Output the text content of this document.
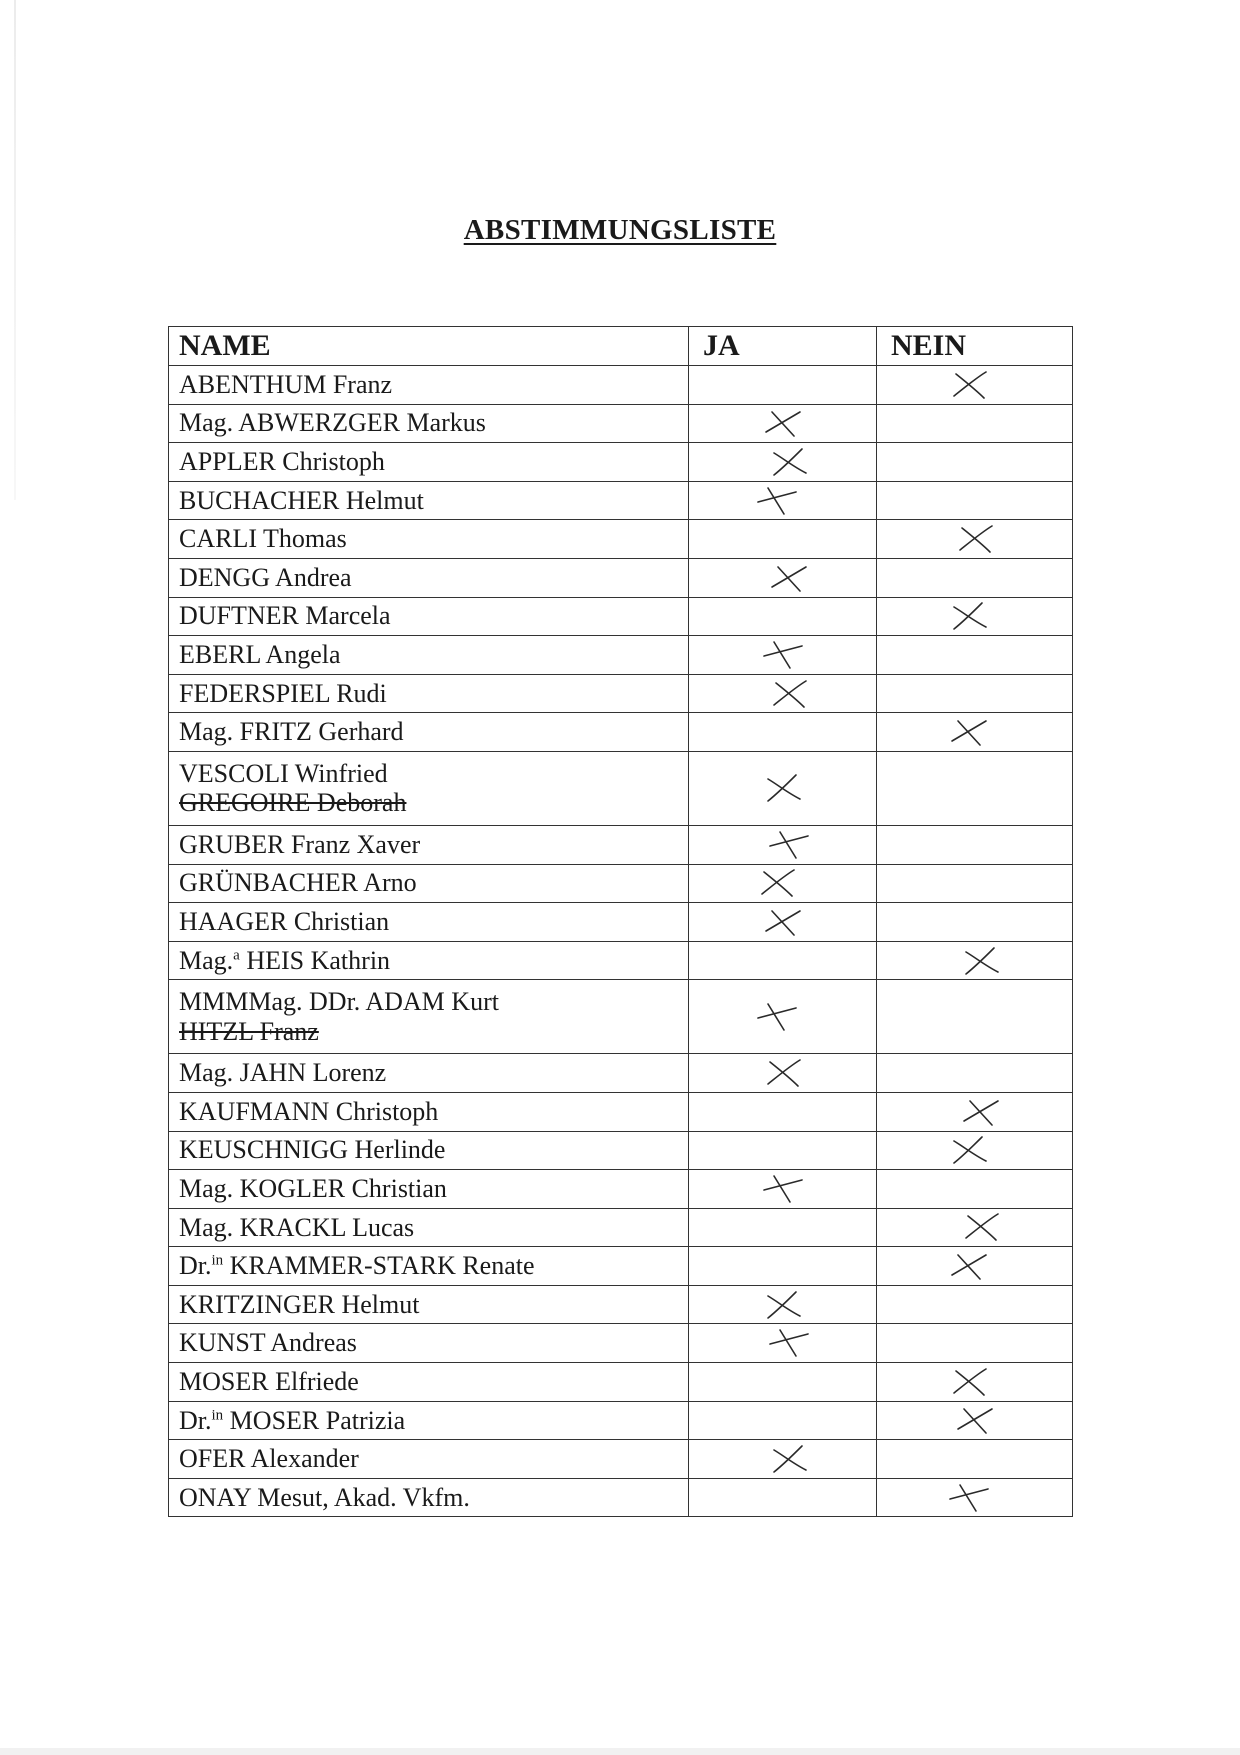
ABSTIMMUNGSLISTE
NAME	JA	NEIN
ABENTHUM Franz
Mag. ABWERZGER Markus
APPLER Christoph
BUCHACHER Helmut
CARLI Thomas
DENGG Andrea
DUFTNER Marcela
EBERL Angela
FEDERSPIEL Rudi
Mag. FRITZ Gerhard
VESCOLI Winfried
GREGOIRE Deborah
GRUBER Franz Xaver
GRÜNBACHER Arno
HAAGER Christian
Mag.$^a$ HEIS Kathrin
MMMMag. DDr. ADAM Kurt
HITZL Franz
Mag. JAHN Lorenz
KAUFMANN Christoph
KEUSCHNIGG Herlinde
Mag. KOGLER Christian
Mag. KRACKL Lucas
Dr.$^{in}$ KRAMMER-STARK Renate
KRITZINGER Helmut
KUNST Andreas
MOSER Elfriede
Dr.$^{in}$ MOSER Patrizia
OFER Alexander
ONAY Mesut, Akad. Vkfm.
